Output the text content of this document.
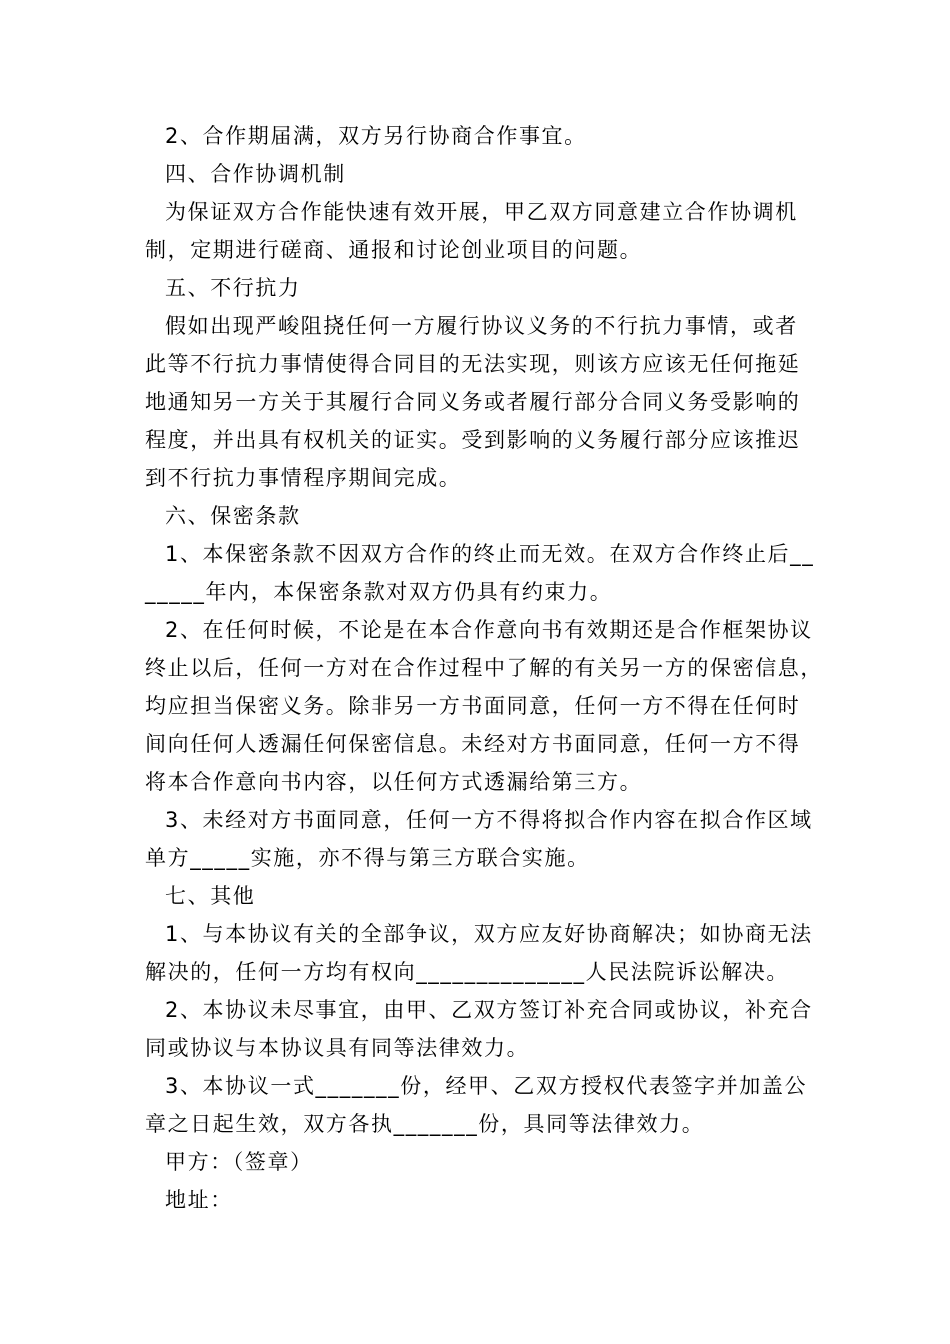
2、合作期届满，双方另行协商合作事宜。
四、合作协调机制
为保证双方合作能快速有效开展，甲乙双方同意建立合作协调机
制，定期进行磋商、通报和讨论创业项目的问题。
五、不行抗力
假如出现严峻阻挠任何一方履行协议义务的不行抗力事情，或者
此等不行抗力事情使得合同目的无法实现，则该方应该无任何拖延
地通知另一方关于其履行合同义务或者履行部分合同义务受影响的
程度，并出具有权机关的证实。受到影响的义务履行部分应该推迟
到不行抗力事情程序期间完成。
六、保密条款
1、本保密条款不因双方合作的终止而无效。在双方合作终止后__
_____年内，本保密条款对双方仍具有约束力。
2、在任何时候，不论是在本合作意向书有效期还是合作框架协议
终止以后，任何一方对在合作过程中了解的有关另一方的保密信息，
均应担当保密义务。除非另一方书面同意，任何一方不得在任何时
间向任何人透漏任何保密信息。未经对方书面同意，任何一方不得
将本合作意向书内容，以任何方式透漏给第三方。
3、未经对方书面同意，任何一方不得将拟合作内容在拟合作区域
单方_____实施，亦不得与第三方联合实施。
七、其他
1、与本协议有关的全部争议，双方应友好协商解决；如协商无法
解决的，任何一方均有权向______________人民法院诉讼解决。
2、本协议未尽事宜，由甲、乙双方签订补充合同或协议，补充合
同或协议与本协议具有同等法律效力。
3、本协议一式_______份，经甲、乙双方授权代表签字并加盖公
章之日起生效，双方各执_______份，具同等法律效力。
甲方：（签章）
地址：
